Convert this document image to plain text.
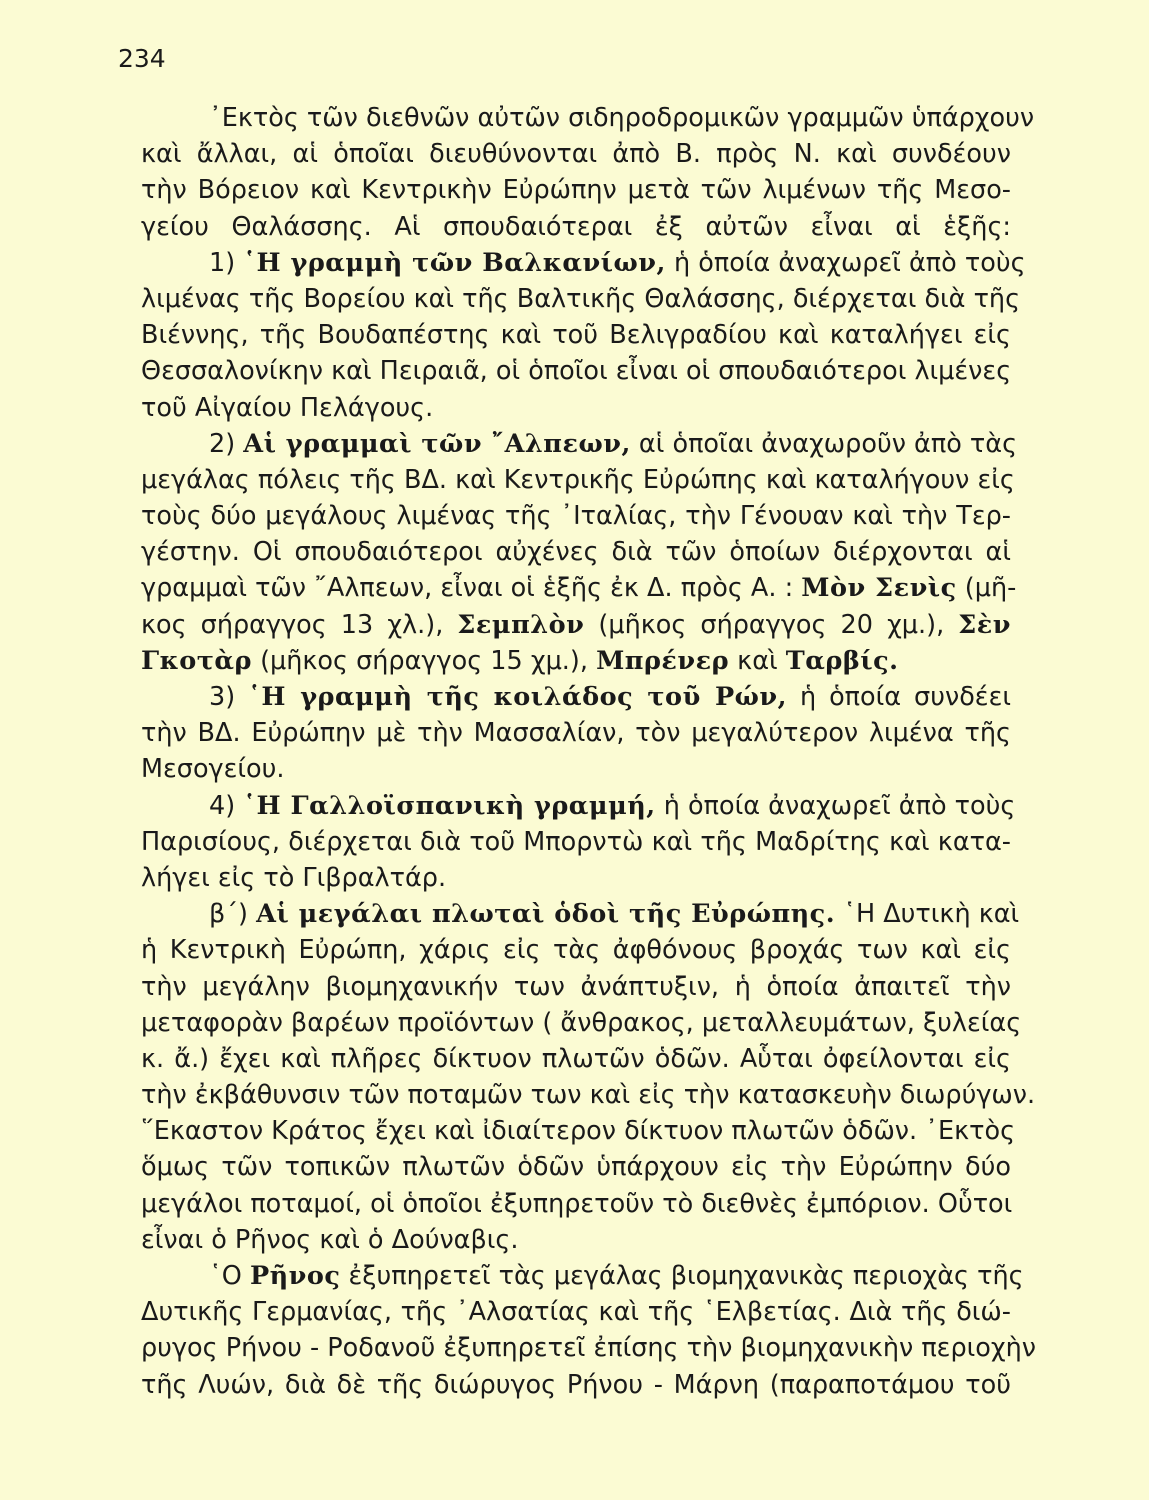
234
᾿Εκτὸς τῶν διεθνῶν αὐτῶν σιδηροδρομικῶν γραμμῶν ὑπάρχουν
καὶ ἄλλαι, αἱ ὁποῖαι διευθύνονται ἀπὸ Β. πρὸς Ν. καὶ συνδέουν
τὴν Βόρειον καὶ Κεντρικὴν Εὐρώπην μετὰ τῶν λιμένων τῆς Μεσο-
γείου Θαλάσσης. Αἱ σπουδαιότεραι ἐξ αὐτῶν εἶναι αἱ ἑξῆς:
1) ῾Η γραμμὴ τῶν Βαλκανίων, ἡ ὁποία ἀναχωρεῖ ἀπὸ τοὺς
λιμένας τῆς Βορείου καὶ τῆς Βαλτικῆς Θαλάσσης, διέρχεται διὰ τῆς
Βιέννης, τῆς Βουδαπέστης καὶ τοῦ Βελιγραδίου καὶ καταλήγει εἰς
Θεσσαλονίκην καὶ Πειραιᾶ, οἱ ὁποῖοι εἶναι οἱ σπουδαιότεροι λιμένες
τοῦ Αἰγαίου Πελάγους.
2) Αἱ γραμμαὶ τῶν ῎Αλπεων, αἱ ὁποῖαι ἀναχωροῦν ἀπὸ τὰς
μεγάλας πόλεις τῆς ΒΔ. καὶ Κεντρικῆς Εὐρώπης καὶ καταλήγουν εἰς
τοὺς δύο μεγάλους λιμένας τῆς ᾿Ιταλίας, τὴν Γένουαν καὶ τὴν Τερ-
γέστην. Οἱ σπουδαιότεροι αὐχένες διὰ τῶν ὁποίων διέρχονται αἱ
γραμμαὶ τῶν ῎Αλπεων, εἶναι οἱ ἑξῆς ἐκ Δ. πρὸς Α. : Μὸν Σενὶς (μῆ-
κος σήραγγος 13 χλ.), Σεμπλὸν (μῆκος σήραγγος 20 χμ.), Σὲν
Γκοτὰρ (μῆκος σήραγγος 15 χμ.), Μπρένερ καὶ Ταρβίς.
3) ῾Η γραμμὴ τῆς κοιλάδος τοῦ Ρών, ἡ ὁποία συνδέει
τὴν ΒΔ. Εὐρώπην μὲ τὴν Μασσαλίαν, τὸν μεγαλύτερον λιμένα τῆς
Μεσογείου.
4) ῾Η Γαλλοϊσπανικὴ γραμμή, ἡ ὁποία ἀναχωρεῖ ἀπὸ τοὺς
Παρισίους, διέρχεται διὰ τοῦ Μπορντὼ καὶ τῆς Μαδρίτης καὶ κατα-
λήγει εἰς τὸ Γιβραλτάρ.
β΄) Αἱ μεγάλαι πλωταὶ ὁδοὶ τῆς Εὐρώπης. ῾Η Δυτικὴ καὶ
ἡ Κεντρικὴ Εὐρώπη, χάρις εἰς τὰς ἀφθόνους βροχάς των καὶ εἰς
τὴν μεγάλην βιομηχανικήν των ἀνάπτυξιν, ἡ ὁποία ἀπαιτεῖ τὴν
μεταφορὰν βαρέων προϊόντων ( ἄνθρακος, μεταλλευμάτων, ξυλείας
κ. ἄ.) ἔχει καὶ πλῆρες δίκτυον πλωτῶν ὁδῶν. Αὗται ὀφείλονται εἰς
τὴν ἐκβάθυνσιν τῶν ποταμῶν των καὶ εἰς τὴν κατασκευὴν διωρύγων.
῞Εκαστον Κράτος ἔχει καὶ ἰδιαίτερον δίκτυον πλωτῶν ὁδῶν. ᾿Εκτὸς
ὅμως τῶν τοπικῶν πλωτῶν ὁδῶν ὑπάρχουν εἰς τὴν Εὐρώπην δύο
μεγάλοι ποταμοί, οἱ ὁποῖοι ἐξυπηρετοῦν τὸ διεθνὲς ἐμπόριον. Οὗτοι
εἶναι ὁ Ρῆνος καὶ ὁ Δούναβις.
῾Ο Ρῆνος ἐξυπηρετεῖ τὰς μεγάλας βιομηχανικὰς περιοχὰς τῆς
Δυτικῆς Γερμανίας, τῆς ᾿Αλσατίας καὶ τῆς ῾Ελβετίας. Διὰ τῆς διώ-
ρυγος Ρήνου - Ροδανοῦ ἐξυπηρετεῖ ἐπίσης τὴν βιομηχανικὴν περιοχὴν
τῆς Λυών, διὰ δὲ τῆς διώρυγος Ρήνου - Μάρνη (παραποτάμου τοῦ
